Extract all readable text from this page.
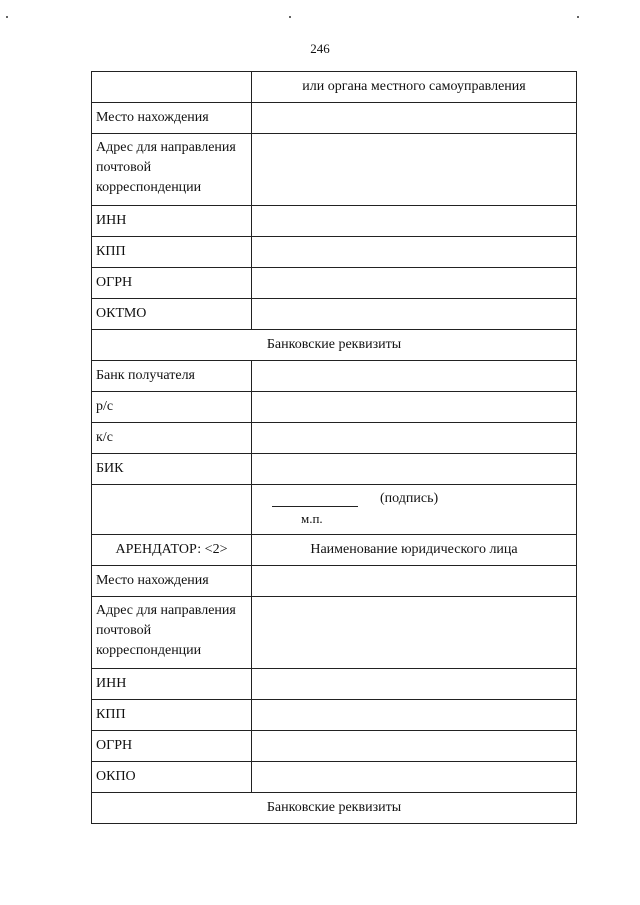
246
	или органа местного самоуправления
Место нахождения	
Адрес для направления почтовой корреспонденции	
ИНН	
КПП	
ОГРН	
ОКТМО	
Банковские реквизиты	
Банк получателя	
р/с	
к/с	
БИК	

	(подпись)
м.п.

АРЕНДАТОР: <2>	Наименование юридического лица
Место нахождения	
Адрес для направления почтовой корреспонденции	
ИНН	
КПП	
ОГРН	
ОКПО	
Банковские реквизиты	
